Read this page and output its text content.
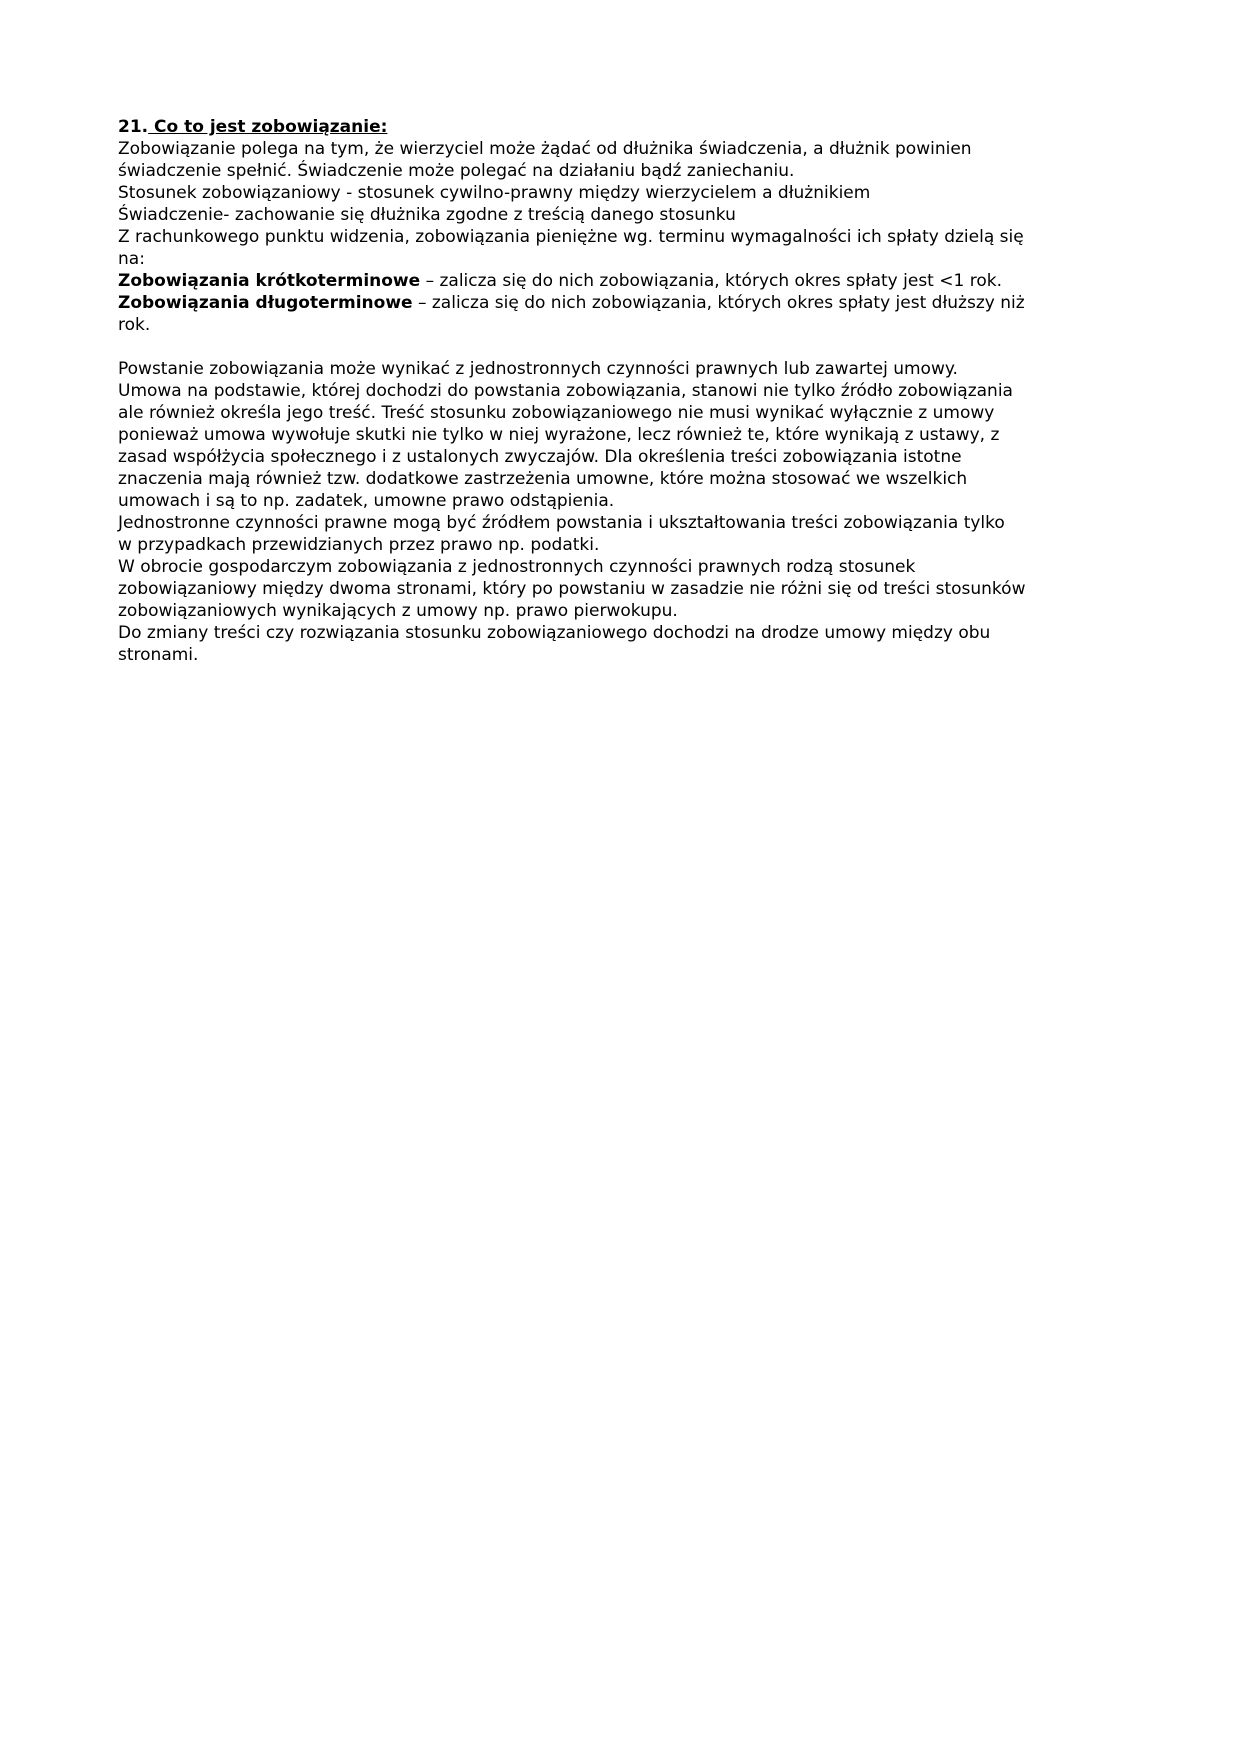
21. Co to jest zobowiązanie:

Zobowiązanie polega na tym, że wierzyciel może żądać od dłużnika świadczenia, a dłużnik powinien

świadczenie spełnić. Świadczenie może polegać na działaniu bądź zaniechaniu.

Stosunek zobowiązaniowy - stosunek cywilno-prawny między wierzycielem a dłużnikiem

Świadczenie- zachowanie się dłużnika zgodne z treścią danego stosunku

Z rachunkowego punktu widzenia, zobowiązania pieniężne wg. terminu wymagalności ich spłaty dzielą się

na:

Zobowiązania krótkoterminowe – zalicza się do nich zobowiązania, których okres spłaty jest <1 rok.

Zobowiązania długoterminowe – zalicza się do nich zobowiązania, których okres spłaty jest dłuższy niż

rok.

Powstanie zobowiązania może wynikać z jednostronnych czynności prawnych lub zawartej umowy.

Umowa na podstawie, której dochodzi do powstania zobowiązania, stanowi nie tylko źródło zobowiązania

ale również określa jego treść. Treść stosunku zobowiązaniowego nie musi wynikać wyłącznie z umowy

ponieważ umowa wywołuje skutki nie tylko w niej wyrażone, lecz również te, które wynikają z ustawy, z

zasad współżycia społecznego i z ustalonych zwyczajów. Dla określenia treści zobowiązania istotne

znaczenia mają również tzw. dodatkowe zastrzeżenia umowne, które można stosować we wszelkich

umowach i są to np. zadatek, umowne prawo odstąpienia.

Jednostronne czynności prawne mogą być źródłem powstania i ukształtowania treści zobowiązania tylko

w przypadkach przewidzianych przez prawo np. podatki.

W obrocie gospodarczym zobowiązania z jednostronnych czynności prawnych rodzą stosunek

zobowiązaniowy między dwoma stronami, który po powstaniu w zasadzie nie różni się od treści stosunków

zobowiązaniowych wynikających z umowy np. prawo pierwokupu.

Do zmiany treści czy rozwiązania stosunku zobowiązaniowego dochodzi na drodze umowy między obu

stronami.
